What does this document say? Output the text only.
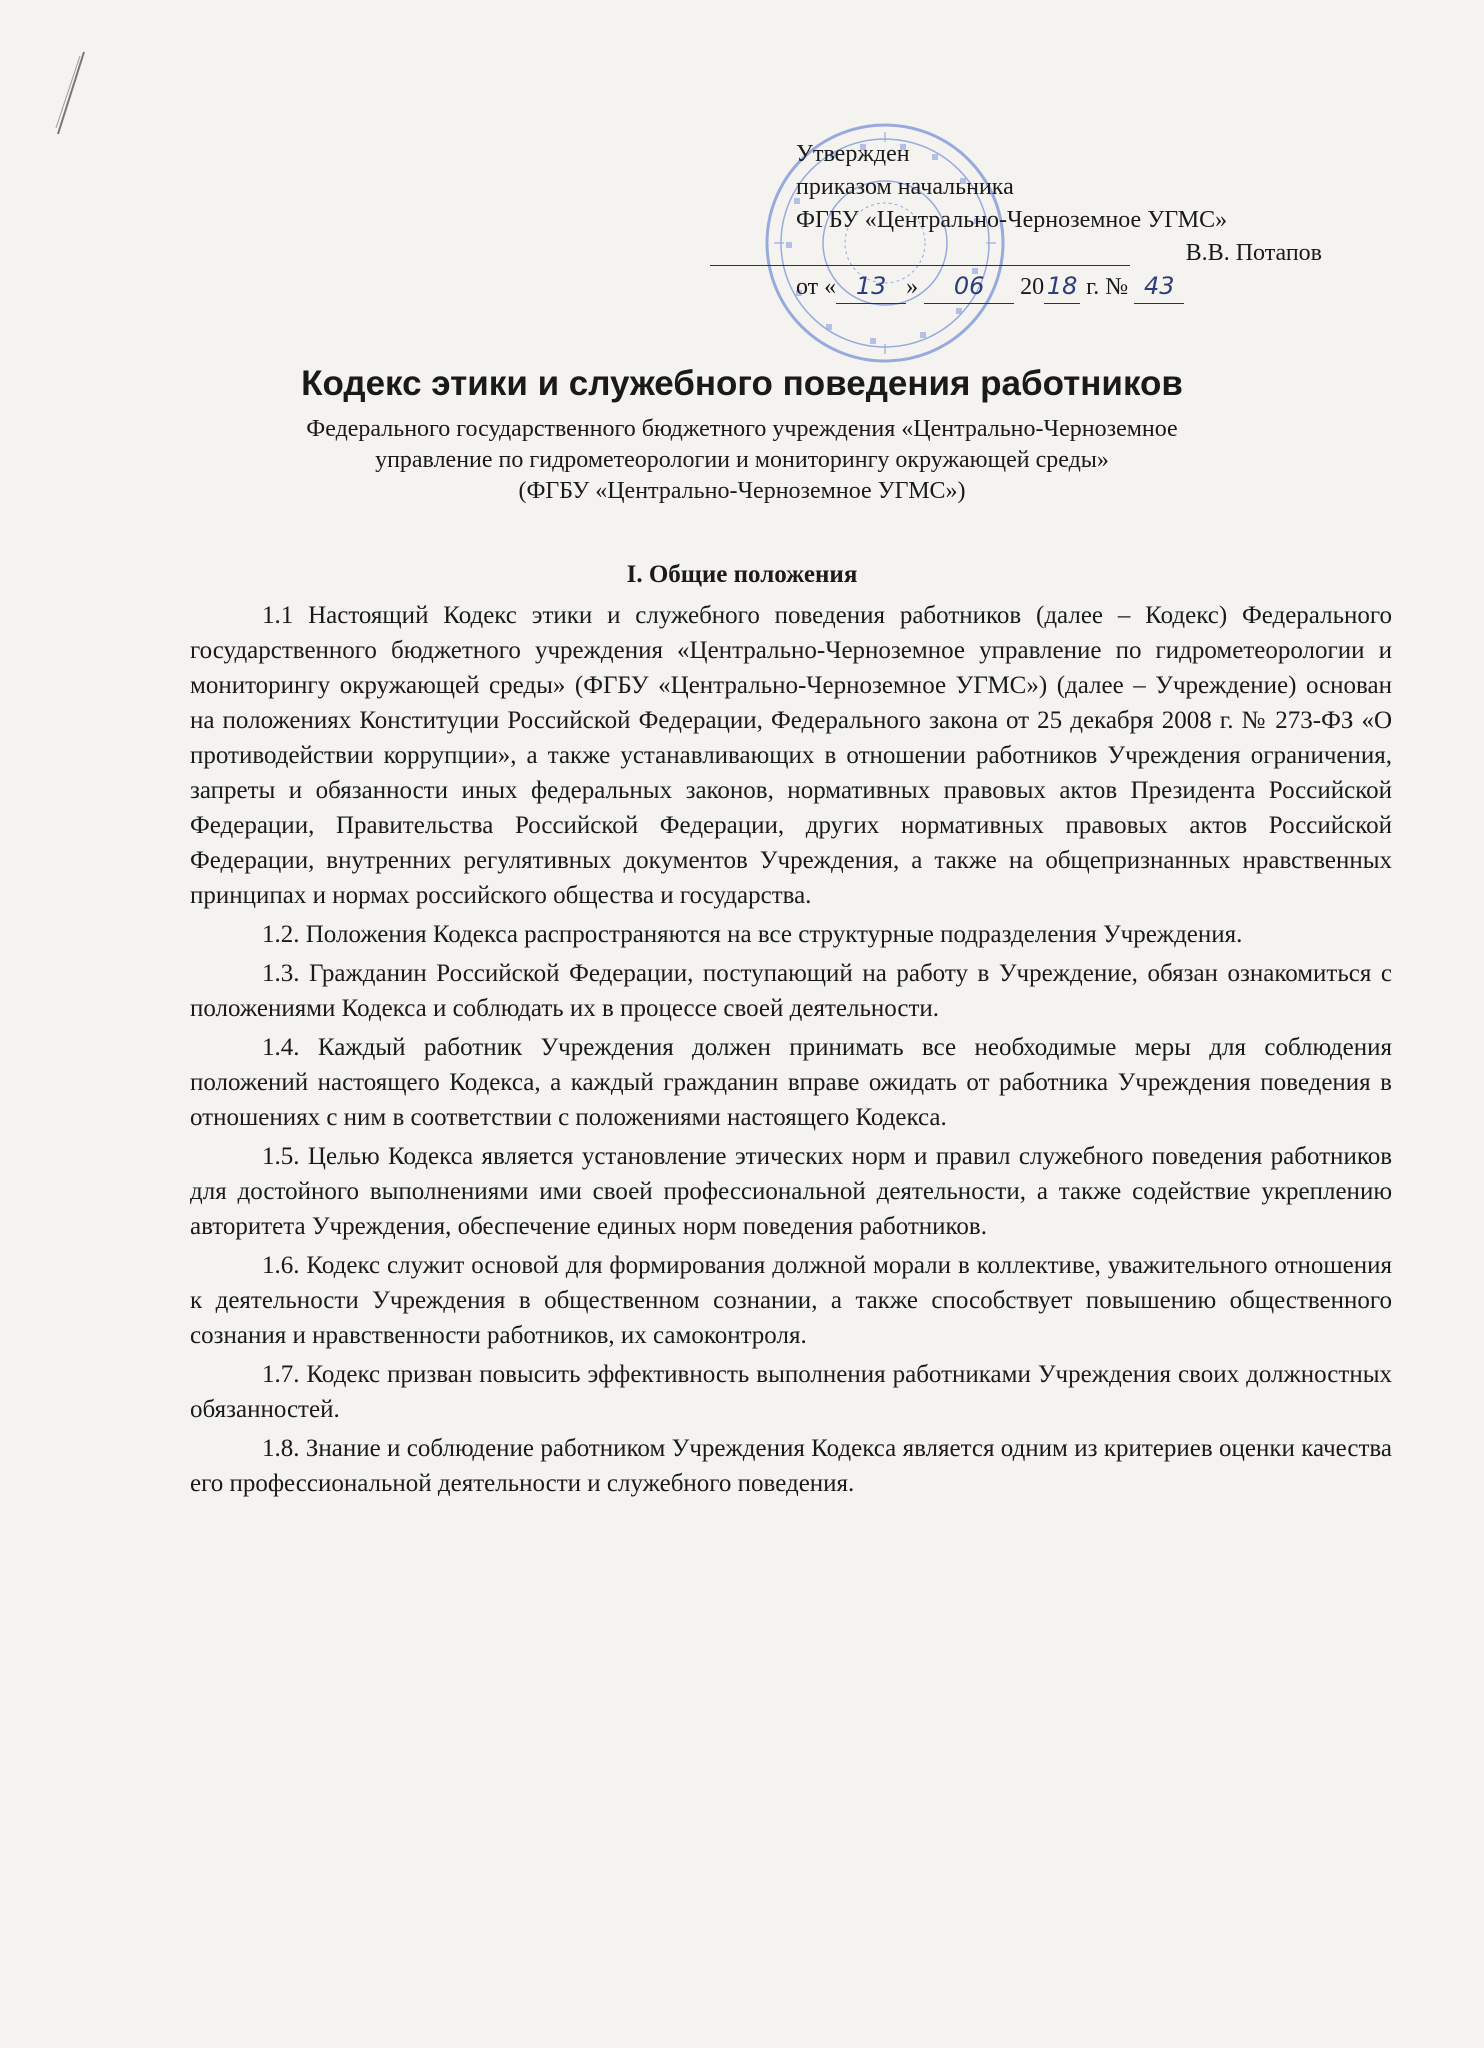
Утвержден
приказом начальника
ФГБУ «Центрально-Черноземное УГМС»
В.В. Потапов
от « 13 » 06 20 18 г. № 43
Кодекс этики и служебного поведения работников
Федерального государственного бюджетного учреждения «Центрально-Черноземное
управление по гидрометеорологии и мониторингу окружающей среды»
(ФГБУ «Центрально-Черноземное УГМС»)
I. Общие положения

1.1 Настоящий Кодекс этики и служебного поведения работников (далее – Кодекс) Федерального государственного бюджетного учреждения «Центрально-Черноземное управление по гидрометеорологии и мониторингу окружающей среды» (ФГБУ «Центрально-Черноземное УГМС») (далее – Учреждение) основан на положениях Конституции Российской Федерации, Федерального закона от 25 декабря 2008 г. № 273-ФЗ «О противодействии коррупции», а также устанавливающих в отношении работников Учреждения ограничения, запреты и обязанности иных федеральных законов, нормативных правовых актов Президента Российской Федерации, Правительства Российской Федерации, других нормативных правовых актов Российской Федерации, внутренних регулятивных документов Учреждения, а также на общепризнанных нравственных принципах и нормах российского общества и государства.

1.2. Положения Кодекса распространяются на все структурные подразделения Учреждения.

1.3. Гражданин Российской Федерации, поступающий на работу в Учреждение, обязан ознакомиться с положениями Кодекса и соблюдать их в процессе своей деятельности.

1.4. Каждый работник Учреждения должен принимать все необходимые меры для соблюдения положений настоящего Кодекса, а каждый гражданин вправе ожидать от работника Учреждения поведения в отношениях с ним в соответствии с положениями настоящего Кодекса.

1.5. Целью Кодекса является установление этических норм и правил служебного поведения работников для достойного выполнениями ими своей профессиональной деятельности, а также содействие укреплению авторитета Учреждения, обеспечение единых норм поведения работников.

1.6. Кодекс служит основой для формирования должной морали в коллективе, уважительного отношения к деятельности Учреждения в общественном сознании, а также способствует повышению общественного сознания и нравственности работников, их самоконтроля.

1.7. Кодекс призван повысить эффективность выполнения работниками Учреждения своих должностных обязанностей.

1.8. Знание и соблюдение работником Учреждения Кодекса является одним из критериев оценки качества его профессиональной деятельности и служебного поведения.
